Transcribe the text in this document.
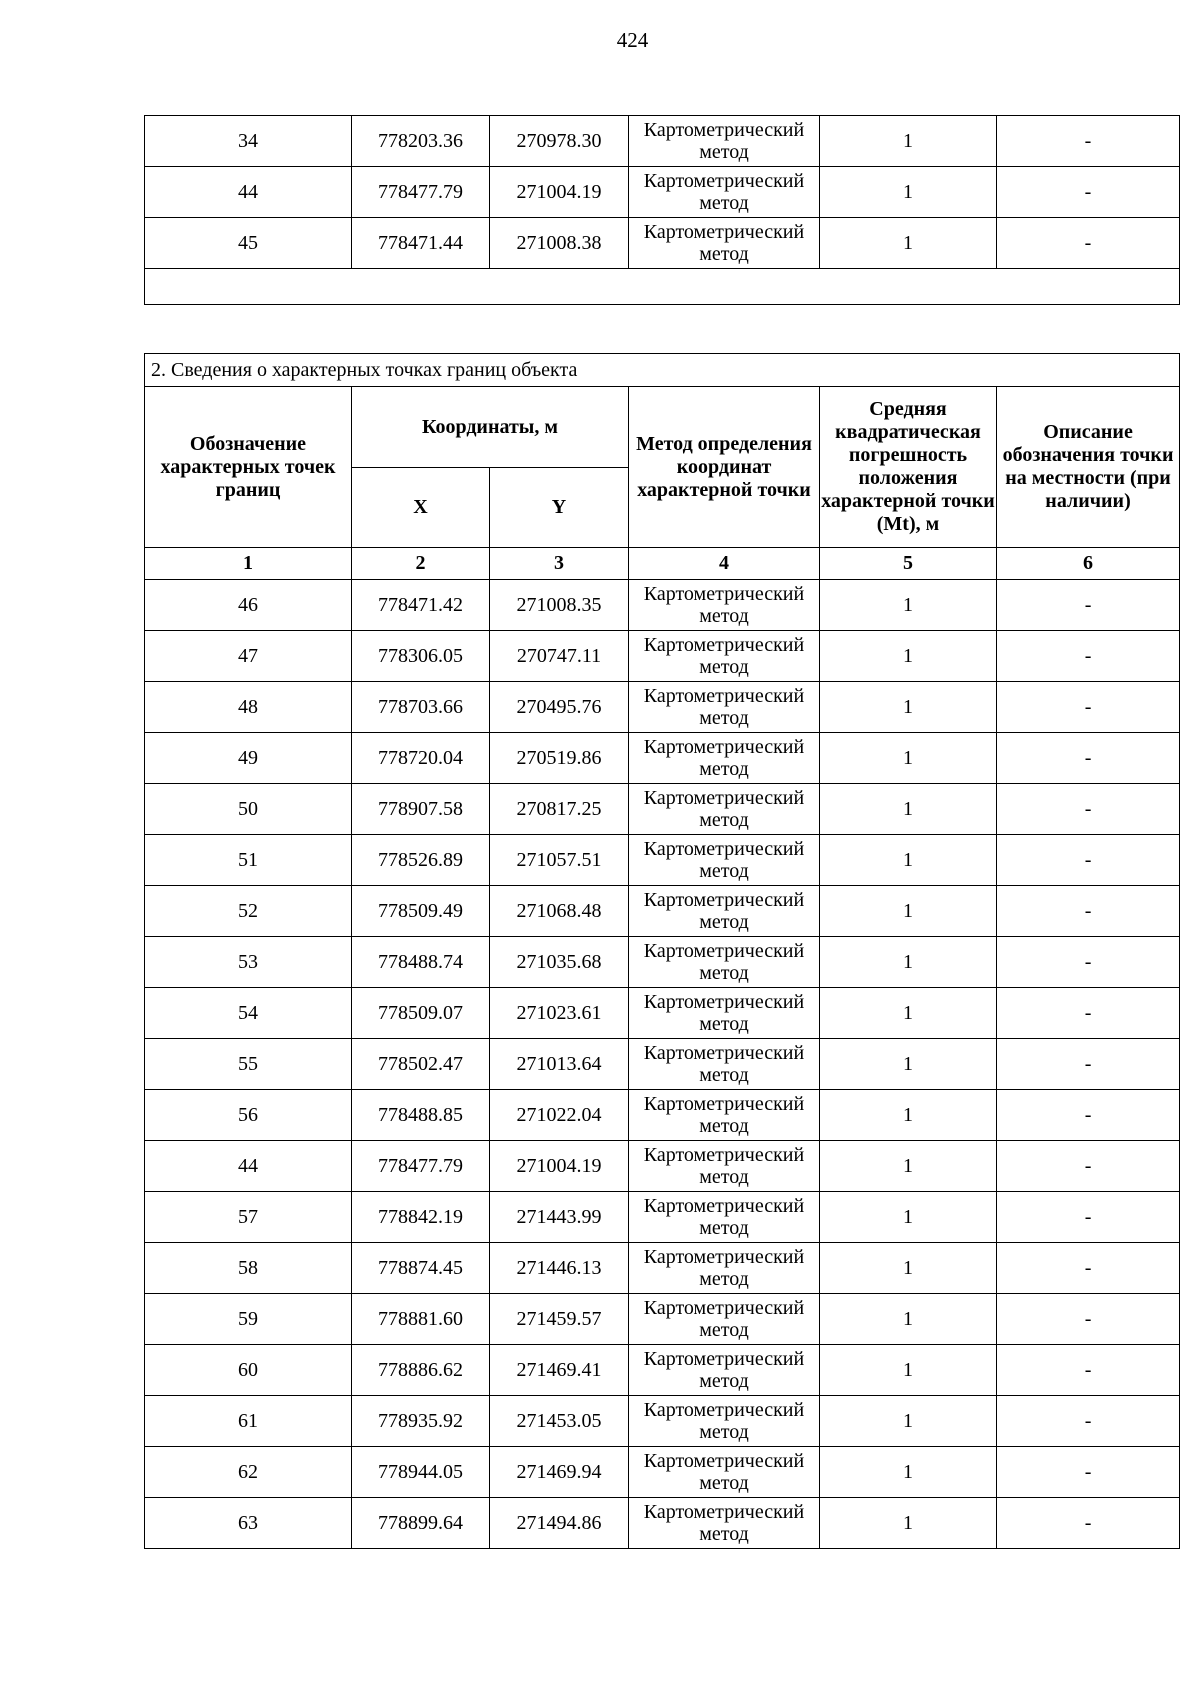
424
34	778203.36	270978.30	Картометрический
метод	1	-
44	778477.79	271004.19	Картометрический
метод	1	-
45	778471.44	271008.38	Картометрический
метод	1	-

2. Сведения о характерных точках границ объекта					
Обозначение характерных точек границ	Координаты, м		Метод определения координат характерной точки	Средняя квадратическая погрешность положения характерной точки (Mt), м	Описание обозначения точки на местности (при наличии)
	X	Y			
1	2	3	4	5	6
46	778471.42	271008.35	Картометрический
метод	1	-
47	778306.05	270747.11	Картометрический
метод	1	-
48	778703.66	270495.76	Картометрический
метод	1	-
49	778720.04	270519.86	Картометрический
метод	1	-
50	778907.58	270817.25	Картометрический
метод	1	-
51	778526.89	271057.51	Картометрический
метод	1	-
52	778509.49	271068.48	Картометрический
метод	1	-
53	778488.74	271035.68	Картометрический
метод	1	-
54	778509.07	271023.61	Картометрический
метод	1	-
55	778502.47	271013.64	Картометрический
метод	1	-
56	778488.85	271022.04	Картометрический
метод	1	-
44	778477.79	271004.19	Картометрический
метод	1	-
57	778842.19	271443.99	Картометрический
метод	1	-
58	778874.45	271446.13	Картометрический
метод	1	-
59	778881.60	271459.57	Картометрический
метод	1	-
60	778886.62	271469.41	Картометрический
метод	1	-
61	778935.92	271453.05	Картометрический
метод	1	-
62	778944.05	271469.94	Картометрический
метод	1	-
63	778899.64	271494.86	Картометрический
метод	1	-
